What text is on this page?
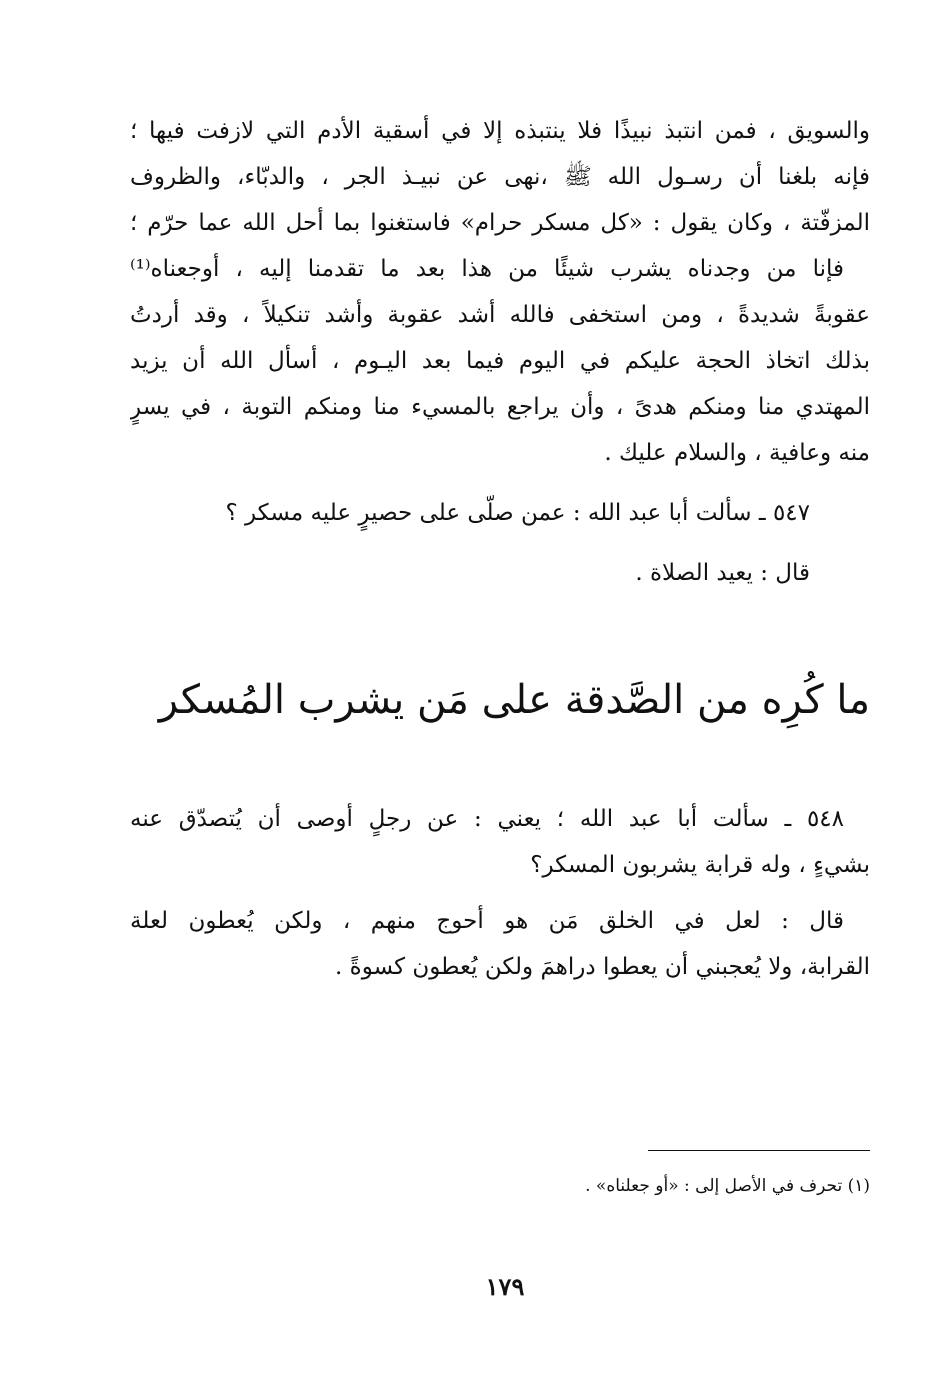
والسويق ، فمن انتبذ نبيذًا فلا ينتبذه إلا في أسقية الأدم التي لازفت فيها ؛
فإنه بلغنا أن رسـول الله ﷺ ،نهى عن نبيـذ الجر ، والدبّاء، والظروف
المزفّتة ، وكان يقول : «كل مسكر حرام» فاستغنوا بما أحل الله عما حرّم ؛
فإنا من وجدناه يشرب شيئًا من هذا بعد ما تقدمنا إليه ، أوجعناه⁽¹⁾
عقوبةً شديدةً ، ومن استخفى فالله أشد عقوبة وأشد تنكيلاً ، وقد أردتُ
بذلك اتخاذ الحجة عليكم في اليوم فيما بعد اليـوم ، أسأل الله أن يزيد
المهتدي منا ومنكم هدىً ، وأن يراجع بالمسيء منا ومنكم التوبة ، في يسرٍ
منه وعافية ، والسلام عليك .
٥٤٧ ـ سألت أبا عبد الله : عمن صلّى على حصيرٍ عليه مسكر ؟
قال : يعيد الصلاة .
ما كُرِه من الصَّدقة على مَن يشرب المُسكر
٥٤٨ ـ سألت أبا عبد الله ؛ يعني : عن رجلٍ أوصى أن يُتصدّق عنه
بشيءٍ ، وله قرابة يشربون المسكر؟
قال : لعل في الخلق مَن هو أحوج منهم ، ولكن يُعطون لعلة
القرابة، ولا يُعجبني أن يعطوا دراهمَ ولكن يُعطون كسوةً .
(١) تحرف في الأصل إلى : «أو جعلناه» .
١٧٩
